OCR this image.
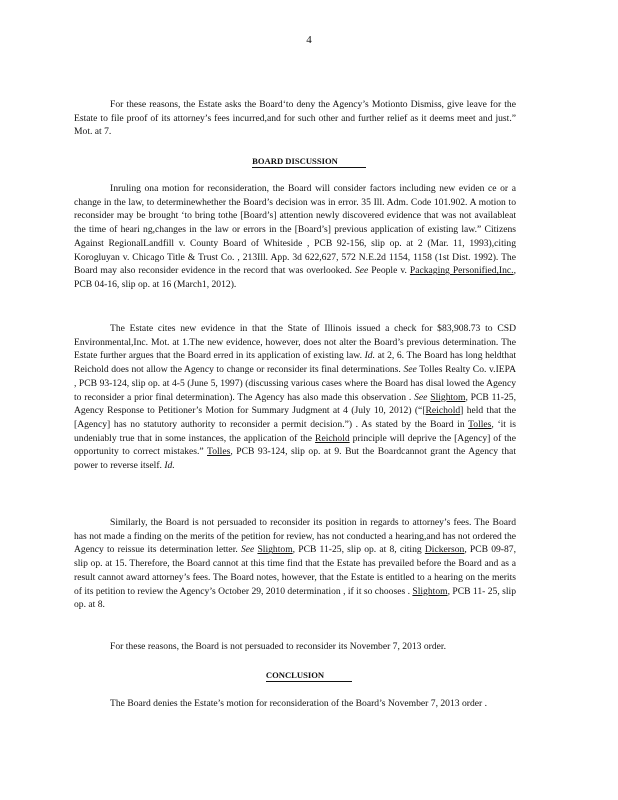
4

For these reasons, the Estate asks the Board‘to deny the Agency’s Motionto Dismiss, give leave for the Estate to file proof of its attorney’s fees incurred,and for such other and further relief as it deems meet and just.” Mot. at 7.

BOARD DISCUSSION

Inruling ona motion for reconsideration, the Board will consider factors including new eviden ce or a change in the law, to determinewhether the Board’s decision was in error. 35 Ill. Adm. Code 101.902. A motion to reconsider may be brought ‘to bring tothe [Board’s] attention newly discovered evidence that was not availableat the time of heari ng,changes in the law or errors in the [Board’s] previous application of existing law.” Citizens Against RegionalLandfill v. County Board of Whiteside , PCB 92-156, slip op. at 2 (Mar. 11, 1993),citing Korogluyan v. Chicago Title & Trust Co. , 213Ill. App. 3d 622,627, 572 N.E.2d 1154, 1158 (1st Dist. 1992). The Board may also reconsider evidence in the record that was overlooked. See People v. Packaging Personified,Inc., PCB 04-16, slip op. at 16 (March1, 2012).

The Estate cites new evidence in that the State of Illinois issued a check for $83,908.73 to CSD Environmental,Inc. Mot. at 1.The new evidence, however, does not alter the Board’s previous determination. The Estate further argues that the Board erred in its application of existing law. Id. at 2, 6. The Board has long heldthat Reichold does not allow the Agency to change or reconsider its final determinations. See Tolles Realty Co. v.IEPA , PCB 93-124, slip op. at 4-5 (June 5, 1997) (discussing various cases where the Board has disal lowed the Agency to reconsider a prior final determination). The Agency has also made this observation . See Slightom, PCB 11-25, Agency Response to Petitioner’s Motion for Summary Judgment at 4 (July 10, 2012) (“[Reichold] held that the [Agency] has no statutory authority to reconsider a permit decision.”) . As stated by the Board in Tolles, ‘it is undeniably true that in some instances, the application of the Reichold principle will deprive the [Agency] of the opportunity to correct mistakes.” Tolles, PCB 93-124, slip op. at 9. But the Boardcannot grant the Agency that power to reverse itself. Id.

Similarly, the Board is not persuaded to reconsider its position in regards to attorney’s fees. The Board has not made a finding on the merits of the petition for review, has not conducted a hearing,and has not ordered the Agency to reissue its determination letter. See Slightom, PCB 11-25, slip op. at 8, citing Dickerson, PCB 09-87, slip op. at 15. Therefore, the Board cannot at this time find that the Estate has prevailed before the Board and as a result cannot award attorney’s fees. The Board notes, however, that the Estate is entitled to a hearing on the merits of its petition to review the Agency’s October 29, 2010 determination , if it so chooses . Slightom, PCB 11- 25, slip op. at 8.

For these reasons, the Board is not persuaded to reconsider its November 7, 2013 order.

CONCLUSION

The Board denies the Estate’s motion for reconsideration of the Board’s November 7, 2013 order .
